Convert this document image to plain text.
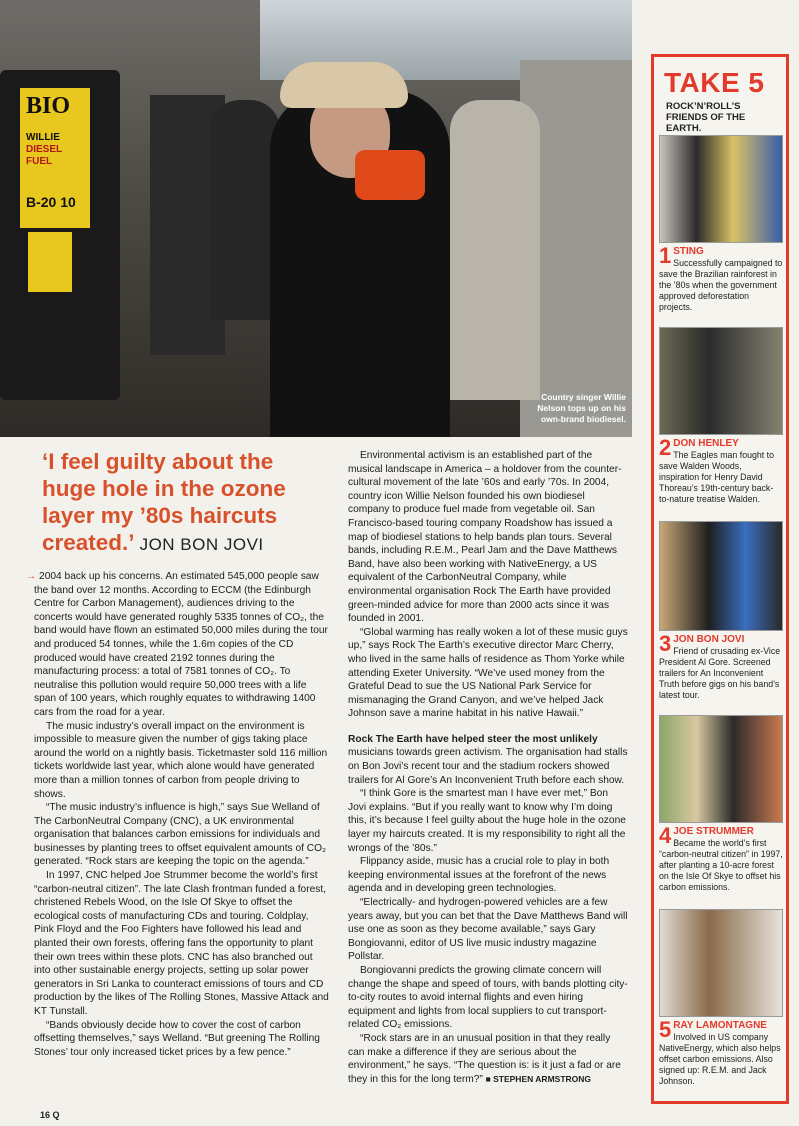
BIO
WILLIE
DIESEL FUEL
B-20 10
Country singer Willie Nelson tops up on his own-brand biodiesel.
‘I feel guilty about the huge hole in the ozone layer my ’80s haircuts created.’ JON BON JOVI

→ 2004 back up his concerns. An estimated 545,000 people saw the band over 12 months. According to ECCM (the Edinburgh Centre for Carbon Management), audiences driving to the concerts would have generated roughly 5335 tonnes of CO₂, the band would have flown an estimated 50,000 miles during the tour and produced 54 tonnes, while the 1.6m copies of the CD produced would have created 2192 tonnes during the manufacturing process: a total of 7581 tonnes of CO₂. To neutralise this pollution would require 50,000 trees with a life span of 100 years, which roughly equates to withdrawing 1400 cars from the road for a year.

The music industry’s overall impact on the environment is impossible to measure given the number of gigs taking place around the world on a nightly basis. Ticketmaster sold 116 million tickets worldwide last year, which alone would have generated more than a million tonnes of carbon from people driving to shows.

“The music industry’s influence is high,” says Sue Welland of The CarbonNeutral Company (CNC), a UK environmental organisation that balances carbon emissions for individuals and businesses by planting trees to offset equivalent amounts of CO₂ generated. “Rock stars are keeping the topic on the agenda.”

In 1997, CNC helped Joe Strummer become the world’s first “carbon-neutral citizen”. The late Clash frontman funded a forest, christened Rebels Wood, on the Isle Of Skye to offset the ecological costs of manufacturing CDs and touring. Coldplay, Pink Floyd and the Foo Fighters have followed his lead and planted their own forests, offering fans the opportunity to plant their own trees within these plots. CNC has also branched out into other sustainable energy projects, setting up solar power generators in Sri Lanka to counteract emissions of tours and CD production by the likes of The Rolling Stones, Massive Attack and KT Tunstall.

“Bands obviously decide how to cover the cost of carbon offsetting themselves,” says Welland. “But greening The Rolling Stones’ tour only increased ticket prices by a few pence.”

Environmental activism is an established part of the musical landscape in America – a holdover from the counter-cultural movement of the late ’60s and early ’70s. In 2004, country icon Willie Nelson founded his own biodiesel company to produce fuel made from vegetable oil. San Francisco-based touring company Roadshow has issued a map of biodiesel stations to help bands plan tours. Several bands, including R.E.M., Pearl Jam and the Dave Matthews Band, have also been working with NativeEnergy, a US equivalent of the CarbonNeutral Company, while environmental organisation Rock The Earth have provided green-minded advice for more than 2000 acts since it was founded in 2001.

“Global warming has really woken a lot of these music guys up,” says Rock The Earth’s executive director Marc Cherry, who lived in the same halls of residence as Thom Yorke while attending Exeter University. “We’ve used money from the Grateful Dead to sue the US National Park Service for mismanaging the Grand Canyon, and we’ve helped Jack Johnson save a marine habitat in his native Hawaii.”

Rock The Earth have helped steer the most unlikely musicians towards green activism. The organisation had stalls on Bon Jovi’s recent tour and the stadium rockers showed trailers for Al Gore’s An Inconvenient Truth before each show.

“I think Gore is the smartest man I have ever met,” Bon Jovi explains. “But if you really want to know why I’m doing this, it’s because I feel guilty about the huge hole in the ozone layer my haircuts created. It is my responsibility to right all the wrongs of the ’80s.”

Flippancy aside, music has a crucial role to play in both keeping environmental issues at the forefront of the news agenda and in developing green technologies.

“Electrically- and hydrogen-powered vehicles are a few years away, but you can bet that the Dave Matthews Band will use one as soon as they become available,” says Gary Bongiovanni, editor of US live music industry magazine Pollstar.

Bongiovanni predicts the growing climate concern will change the shape and speed of tours, with bands plotting city-to-city routes to avoid internal flights and even hiring equipment and lights from local suppliers to cut transport-related CO₂ emissions.

“Rock stars are in an unusual position in that they really can make a difference if they are serious about the environment,” he says. “The question is: is it just a fad or are they in this for the long term?” ■ STEPHEN ARMSTRONG

16 Q
TAKE 5
ROCK’N’ROLL’S FRIENDS OF THE EARTH.
1 STING
Successfully campaigned to save the Brazilian rainforest in the ’80s when the government approved deforestation projects.
2 DON HENLEY
The Eagles man fought to save Walden Woods, inspiration for Henry David Thoreau’s 19th-century back-to-nature treatise Walden.
3 JON BON JOVI
Friend of crusading ex-Vice President Al Gore. Screened trailers for An Inconvenient Truth before gigs on his band’s latest tour.
4 JOE STRUMMER
Became the world’s first “carbon-neutral citizen” in 1997, after planting a 10-acre forest on the Isle Of Skye to offset his carbon emissions.
5 RAY LAMONTAGNE
Involved in US company NativeEnergy, which also helps offset carbon emissions. Also signed up: R.E.M. and Jack Johnson.
